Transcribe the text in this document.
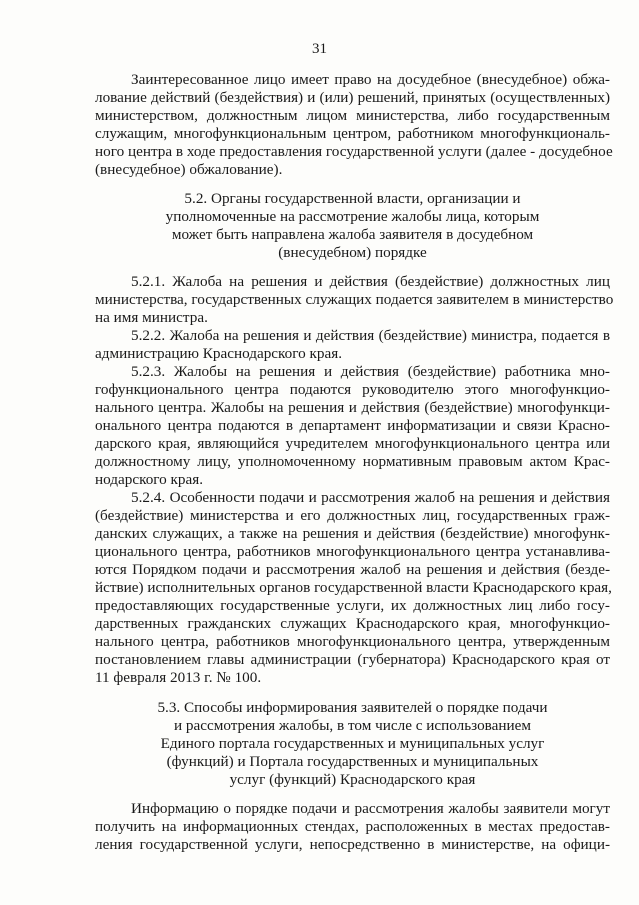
31
Заинтересованное лицо имеет право на досудебное (внесудебное) обжа-
лование действий (бездействия) и (или) решений, принятых (осуществленных)
министерством, должностным лицом министерства, либо государственным
служащим, многофункциональным центром, работником многофункциональ-
ного центра в ходе предоставления государственной услуги (далее - досудебное
(внесудебное) обжалование).
5.2. Органы государственной власти, организации и
уполномоченные на рассмотрение жалобы лица, которым
может быть направлена жалоба заявителя в досудебном
(внесудебном) порядке
5.2.1. Жалоба на решения и действия (бездействие) должностных лиц
министерства, государственных служащих подается заявителем в министерство
на имя министра.
5.2.2. Жалоба на решения и действия (бездействие) министра, подается в
администрацию Краснодарского края.
5.2.3. Жалобы на решения и действия (бездействие) работника мно-
гофункционального центра подаются руководителю этого многофункцио-
нального центра. Жалобы на решения и действия (бездействие) многофункци-
онального центра подаются в департамент информатизации и связи Красно-
дарского края, являющийся учредителем многофункционального центра или
должностному лицу, уполномоченному нормативным правовым актом Крас-
нодарского края.
5.2.4. Особенности подачи и рассмотрения жалоб на решения и действия
(бездействие) министерства и его должностных лиц, государственных граж-
данских служащих, а также на решения и действия (бездействие) многофунк-
ционального центра, работников многофункционального центра устанавлива-
ются Порядком подачи и рассмотрения жалоб на решения и действия (безде-
йствие) исполнительных органов государственной власти Краснодарского края,
предоставляющих государственные услуги, их должностных лиц либо госу-
дарственных гражданских служащих Краснодарского края, многофункцио-
нального центра, работников многофункционального центра, утвержденным
постановлением главы администрации (губернатора) Краснодарского края от
11 февраля 2013 г. № 100.
5.3. Способы информирования заявителей о порядке подачи
и рассмотрения жалобы, в том числе с использованием
Единого портала государственных и муниципальных услуг
(функций) и Портала государственных и муниципальных
услуг (функций) Краснодарского края
Информацию о порядке подачи и рассмотрения жалобы заявители могут
получить на информационных стендах, расположенных в местах предостав-
ления государственной услуги, непосредственно в министерстве, на офици-
